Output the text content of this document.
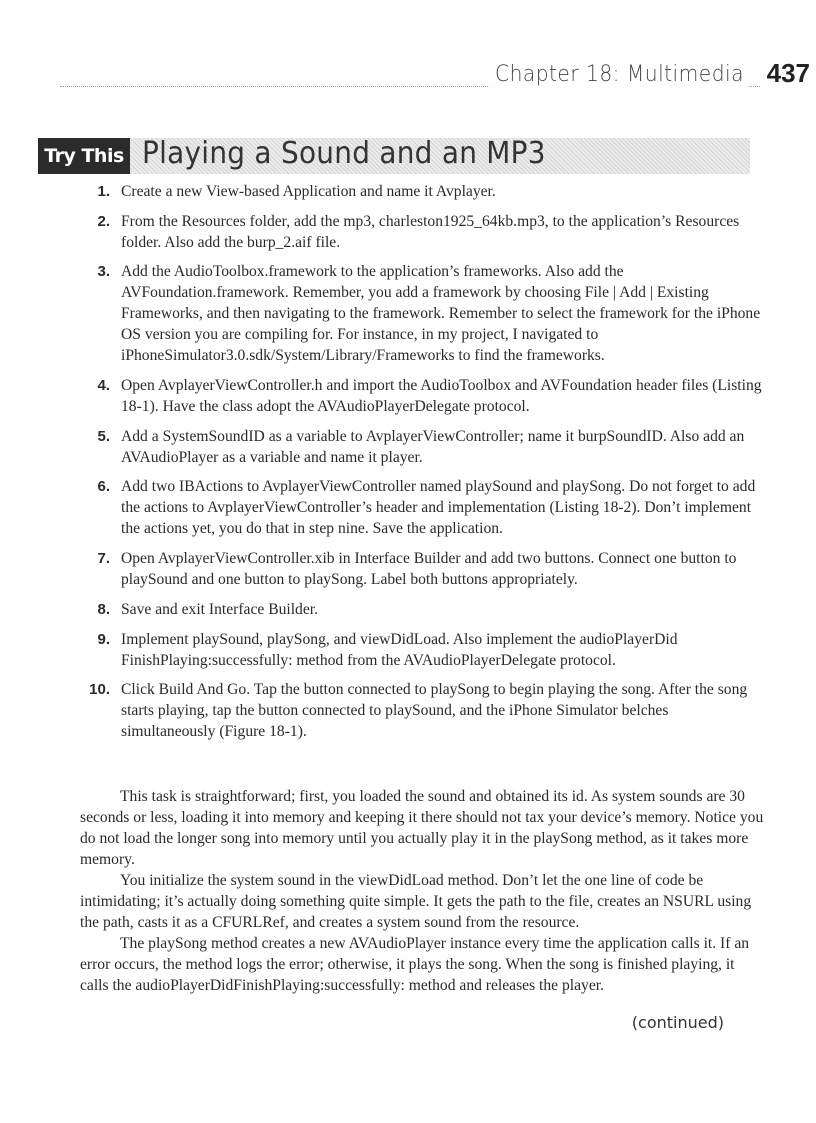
Chapter 18: Multimedia 437
Try This Playing a Sound and an MP3
1. Create a new View-based Application and name it Avplayer.
2. From the Resources folder, add the mp3, charleston1925_64kb.mp3, to the application’s Resources folder. Also add the burp_2.aif file.
3. Add the AudioToolbox.framework to the application’s frameworks. Also add the AVFoundation.framework. Remember, you add a framework by choosing File | Add | Existing Frameworks, and then navigating to the framework. Remember to select the framework for the iPhone OS version you are compiling for. For instance, in my project, I navigated to iPhoneSimulator3.0.sdk/System/Library/Frameworks to find the frameworks.
4. Open AvplayerViewController.h and import the AudioToolbox and AVFoundation header files (Listing 18-1). Have the class adopt the AVAudioPlayerDelegate protocol.
5. Add a SystemSoundID as a variable to AvplayerViewController; name it burpSoundID. Also add an AVAudioPlayer as a variable and name it player.
6. Add two IBActions to AvplayerViewController named playSound and playSong. Do not forget to add the actions to AvplayerViewController’s header and implementation (Listing 18-2). Don’t implement the actions yet, you do that in step nine. Save the application.
7. Open AvplayerViewController.xib in Interface Builder and add two buttons. Connect one button to playSound and one button to playSong. Label both buttons appropriately.
8. Save and exit Interface Builder.
9. Implement playSound, playSong, and viewDidLoad. Also implement the audioPlayerDid FinishPlaying:successfully: method from the AVAudioPlayerDelegate protocol.
10. Click Build And Go. Tap the button connected to playSong to begin playing the song. After the song starts playing, tap the button connected to playSound, and the iPhone Simulator belches simultaneously (Figure 18-1).

This task is straightforward; first, you loaded the sound and obtained its id. As system sounds are 30 seconds or less, loading it into memory and keeping it there should not tax your device’s memory. Notice you do not load the longer song into memory until you actually play it in the playSong method, as it takes more memory.

You initialize the system sound in the viewDidLoad method. Don’t let the one line of code be intimidating; it’s actually doing something quite simple. It gets the path to the file, creates an NSURL using the path, casts it as a CFURLRef, and creates a system sound from the resource.

The playSong method creates a new AVAudioPlayer instance every time the application calls it. If an error occurs, the method logs the error; otherwise, it plays the song. When the song is finished playing, it calls the audioPlayerDidFinishPlaying:successfully: method and releases the player.

(continued)
